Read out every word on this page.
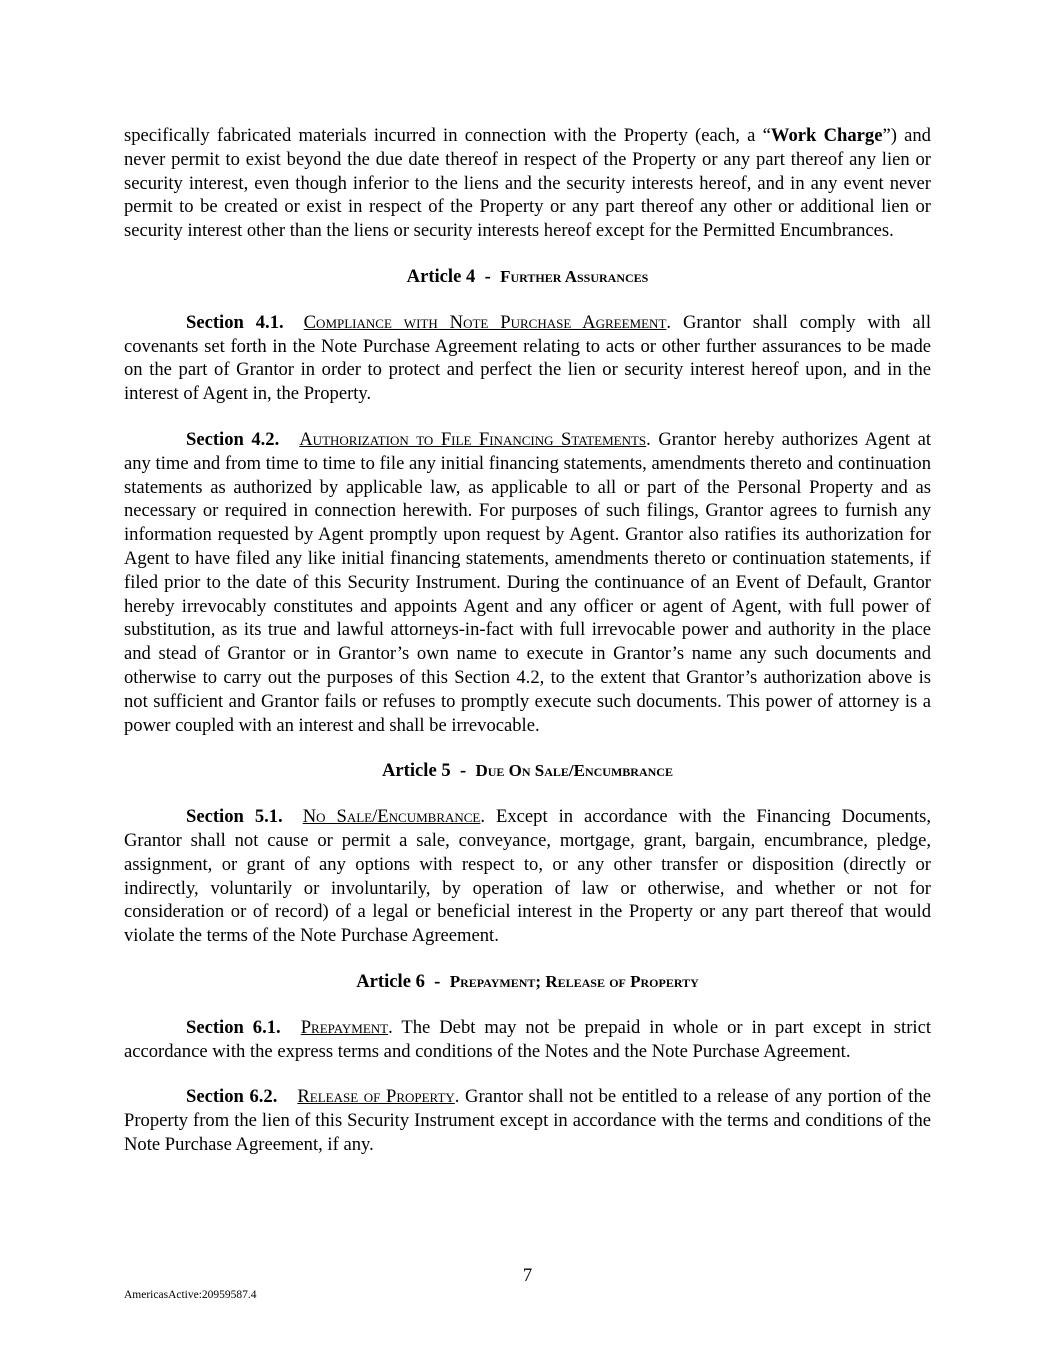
specifically fabricated materials incurred in connection with the Property (each, a “Work Charge”) and never permit to exist beyond the due date thereof in respect of the Property or any part thereof any lien or security interest, even though inferior to the liens and the security interests hereof, and in any event never permit to be created or exist in respect of the Property or any part thereof any other or additional lien or security interest other than the liens or security interests hereof except for the Permitted Encumbrances.

Article 4  -  Further Assurances

Section 4.1. Compliance with Note Purchase Agreement. Grantor shall comply with all covenants set forth in the Note Purchase Agreement relating to acts or other further assurances to be made on the part of Grantor in order to protect and perfect the lien or security interest hereof upon, and in the interest of Agent in, the Property.

Section 4.2. Authorization to File Financing Statements. Grantor hereby authorizes Agent at any time and from time to time to file any initial financing statements, amendments thereto and continuation statements as authorized by applicable law, as applicable to all or part of the Personal Property and as necessary or required in connection herewith. For purposes of such filings, Grantor agrees to furnish any information requested by Agent promptly upon request by Agent. Grantor also ratifies its authorization for Agent to have filed any like initial financing statements, amendments thereto or continuation statements, if filed prior to the date of this Security Instrument. During the continuance of an Event of Default, Grantor hereby irrevocably constitutes and appoints Agent and any officer or agent of Agent, with full power of substitution, as its true and lawful attorneys-in-fact with full irrevocable power and authority in the place and stead of Grantor or in Grantor’s own name to execute in Grantor’s name any such documents and otherwise to carry out the purposes of this Section 4.2, to the extent that Grantor’s authorization above is not sufficient and Grantor fails or refuses to promptly execute such documents. This power of attorney is a power coupled with an interest and shall be irrevocable.

Article 5  -  Due On Sale/Encumbrance

Section 5.1. No Sale/Encumbrance. Except in accordance with the Financing Documents, Grantor shall not cause or permit a sale, conveyance, mortgage, grant, bargain, encumbrance, pledge, assignment, or grant of any options with respect to, or any other transfer or disposition (directly or indirectly, voluntarily or involuntarily, by operation of law or otherwise, and whether or not for consideration or of record) of a legal or beneficial interest in the Property or any part thereof that would violate the terms of the Note Purchase Agreement.

Article 6  -  Prepayment; Release of Property

Section 6.1. Prepayment. The Debt may not be prepaid in whole or in part except in strict accordance with the express terms and conditions of the Notes and the Note Purchase Agreement.

Section 6.2. Release of Property. Grantor shall not be entitled to a release of any portion of the Property from the lien of this Security Instrument except in accordance with the terms and conditions of the Note Purchase Agreement, if any.

7
AmericasActive:20959587.4
